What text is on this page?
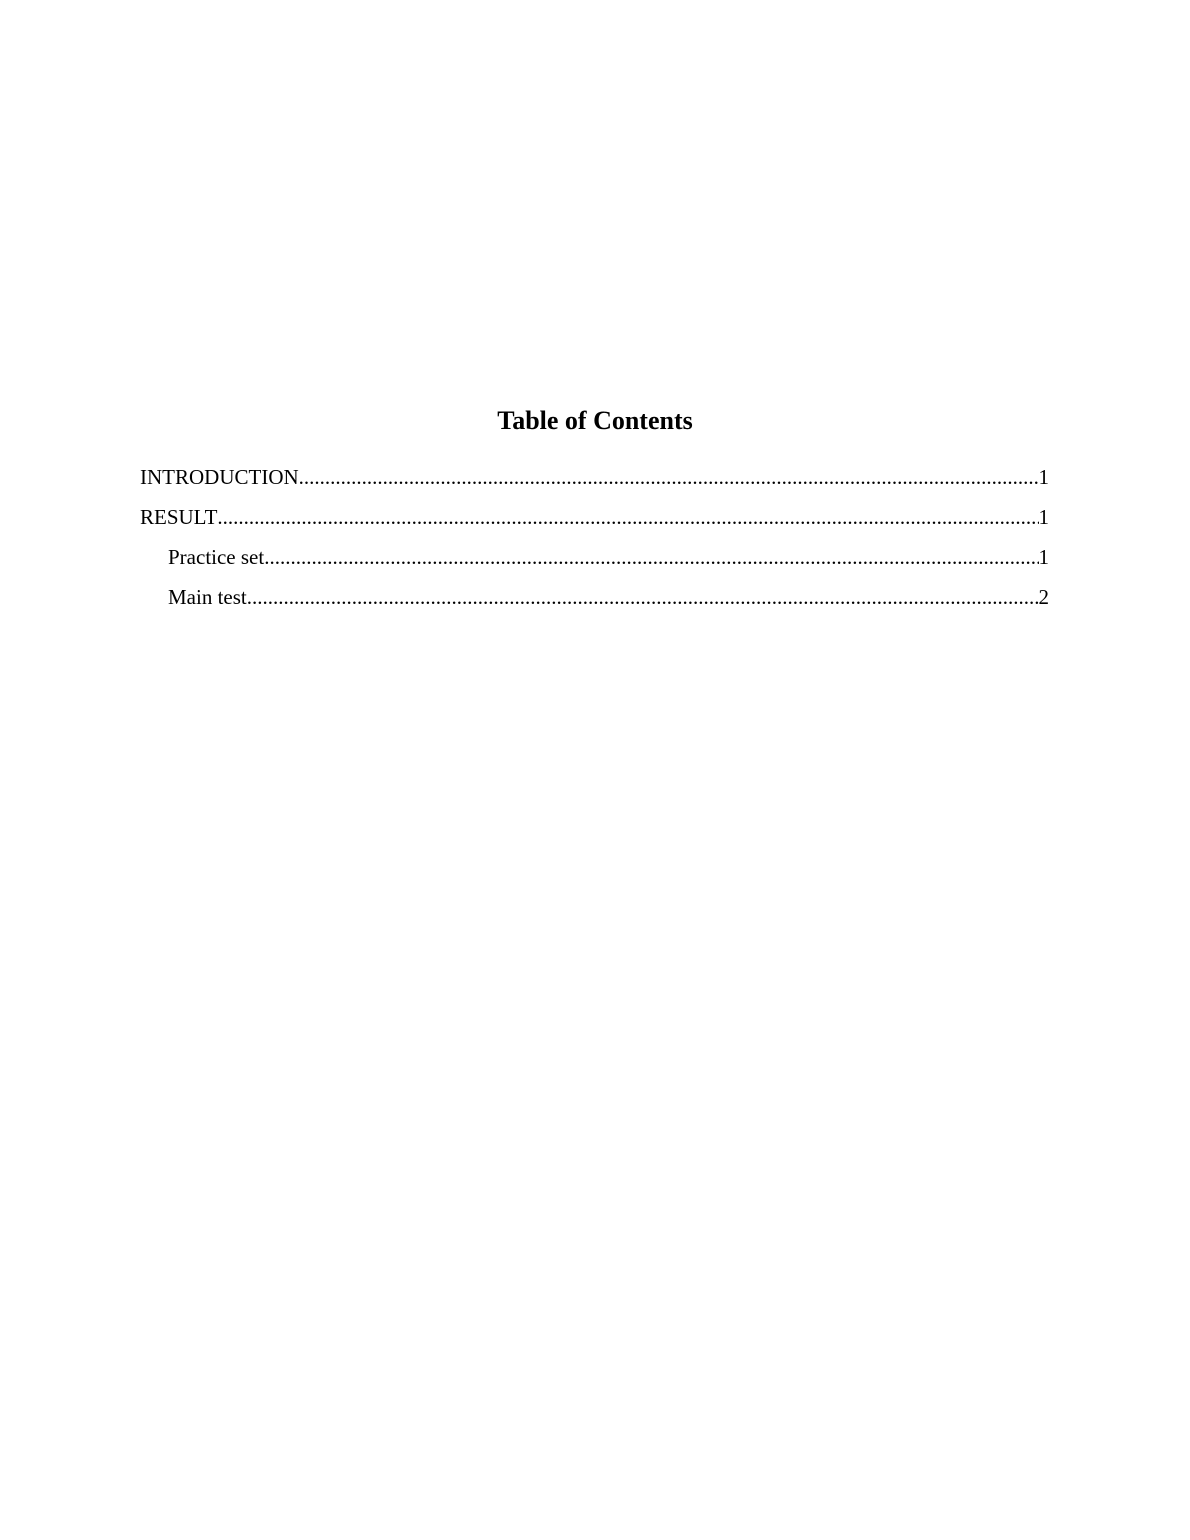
Table of Contents
INTRODUCTION .....	1
RESULT .....	1
Practice set .....	1
Main test .....	2
